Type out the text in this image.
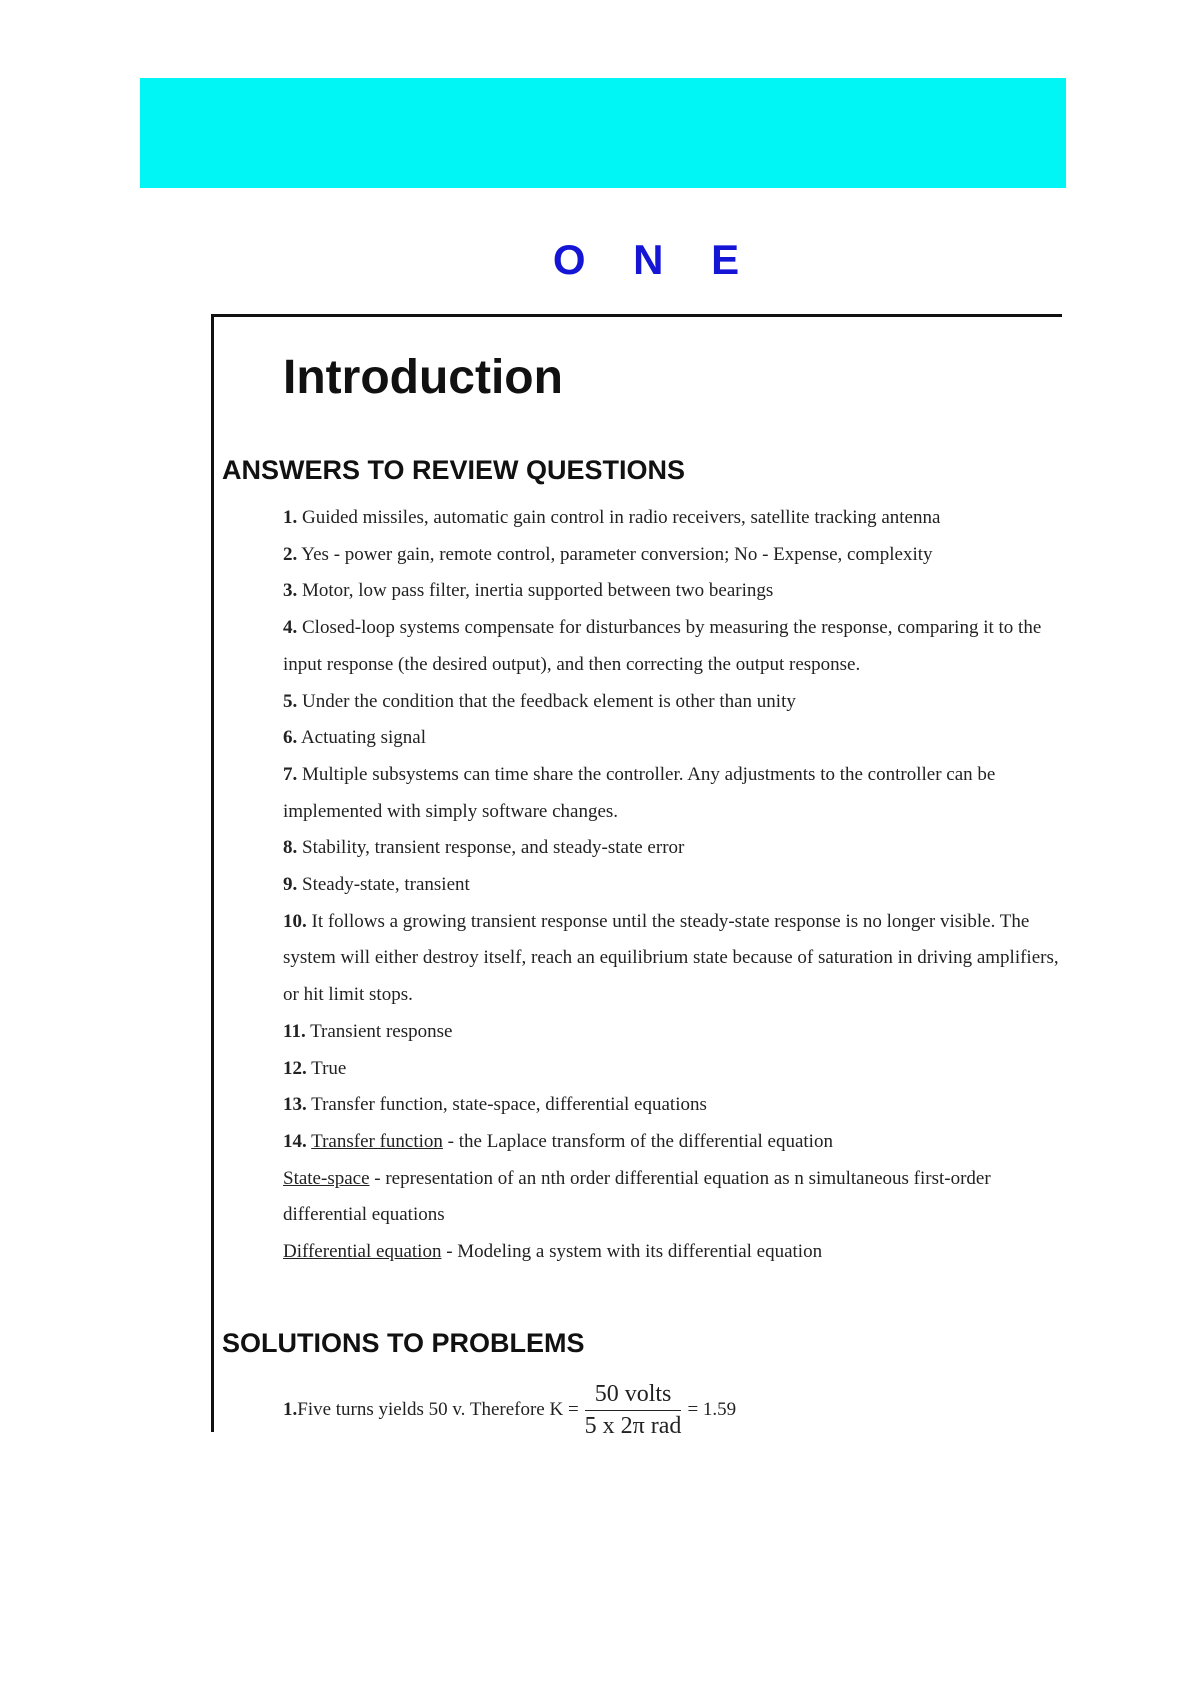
O N E
Introduction
ANSWERS TO REVIEW QUESTIONS
1. Guided missiles, automatic gain control in radio receivers, satellite tracking antenna
2. Yes - power gain, remote control, parameter conversion; No - Expense, complexity
3. Motor, low pass filter, inertia supported between two bearings
4. Closed-loop systems compensate for disturbances by measuring the response, comparing it to the input response (the desired output), and then correcting the output response.
5. Under the condition that the feedback element is other than unity
6. Actuating signal
7. Multiple subsystems can time share the controller. Any adjustments to the controller can be implemented with simply software changes.
8. Stability, transient response, and steady-state error
9. Steady-state, transient
10. It follows a growing transient response until the steady-state response is no longer visible. The system will either destroy itself, reach an equilibrium state because of saturation in driving amplifiers, or hit limit stops.
11. Transient response
12. True
13. Transfer function, state-space, differential equations
14. Transfer function - the Laplace transform of the differential equation
State-space - representation of an nth order differential equation as n simultaneous first-order differential equations
Differential equation - Modeling a system with its differential equation
SOLUTIONS TO PROBLEMS
1. Five turns yields 50 v. Therefore $K = \frac{\text{50 volts}}{\text{5 x 2π rad}} = 1.59$
